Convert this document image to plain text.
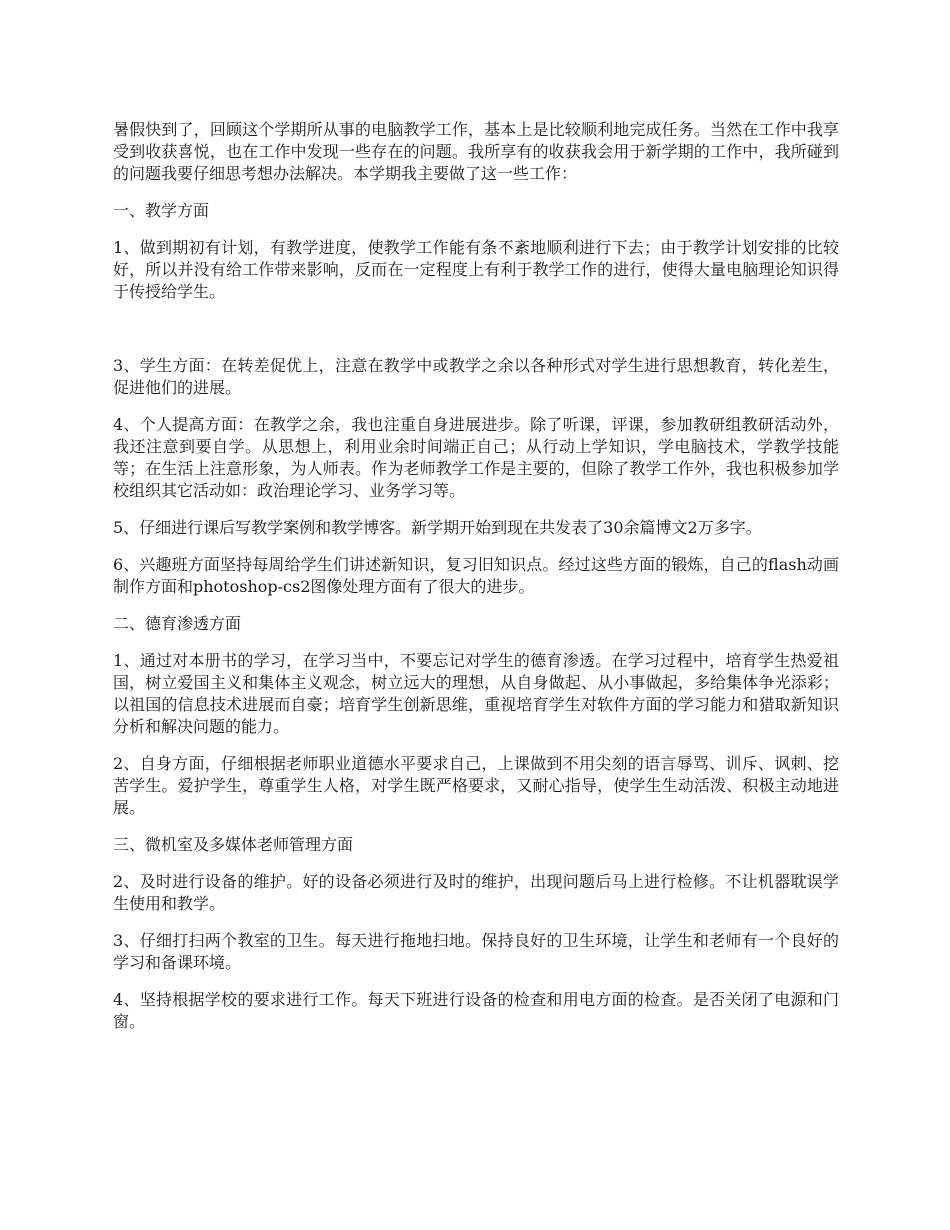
暑假快到了，回顾这个学期所从事的电脑教学工作，基本上是比较顺利地完成任务。当然在工作中我享受到收获喜悦，也在工作中发现一些存在的问题。我所享有的收获我会用于新学期的工作中，我所碰到的问题我要仔细思考想办法解决。本学期我主要做了这一些工作：

一、教学方面

1、做到期初有计划，有教学进度，使教学工作能有条不紊地顺利进行下去；由于教学计划安排的比较好，所以并没有给工作带来影响，反而在一定程度上有利于教学工作的进行，使得大量电脑理论知识得于传授给学生。

3、学生方面：在转差促优上，注意在教学中或教学之余以各种形式对学生进行思想教育，转化差生，促进他们的进展。

4、个人提高方面：在教学之余，我也注重自身进展进步。除了听课，评课，参加教研组教研活动外，我还注意到要自学。从思想上，利用业余时间端正自己；从行动上学知识，学电脑技术，学教学技能等；在生活上注意形象，为人师表。作为老师教学工作是主要的，但除了教学工作外，我也积极参加学校组织其它活动如：政治理论学习、业务学习等。

5、仔细进行课后写教学案例和教学博客。新学期开始到现在共发表了30余篇博文2万多字。

6、兴趣班方面坚持每周给学生们讲述新知识，复习旧知识点。经过这些方面的锻炼，自己的flash动画制作方面和photoshop-cs2图像处理方面有了很大的进步。

二、德育渗透方面

1、通过对本册书的学习，在学习当中，不要忘记对学生的德育渗透。在学习过程中，培育学生热爱祖国，树立爱国主义和集体主义观念，树立远大的理想，从自身做起、从小事做起，多给集体争光添彩；以祖国的信息技术进展而自豪；培育学生创新思维，重视培育学生对软件方面的学习能力和猎取新知识分析和解决问题的能力。

2、自身方面，仔细根据老师职业道德水平要求自己，上课做到不用尖刻的语言辱骂、训斥、讽刺、挖苦学生。爱护学生，尊重学生人格，对学生既严格要求，又耐心指导，使学生生动活泼、积极主动地进展。

三、微机室及多媒体老师管理方面

2、及时进行设备的维护。好的设备必须进行及时的维护，出现问题后马上进行检修。不让机器耽误学生使用和教学。

3、仔细打扫两个教室的卫生。每天进行拖地扫地。保持良好的卫生环境，让学生和老师有一个良好的学习和备课环境。

4、坚持根据学校的要求进行工作。每天下班进行设备的检查和用电方面的检查。是否关闭了电源和门窗。
